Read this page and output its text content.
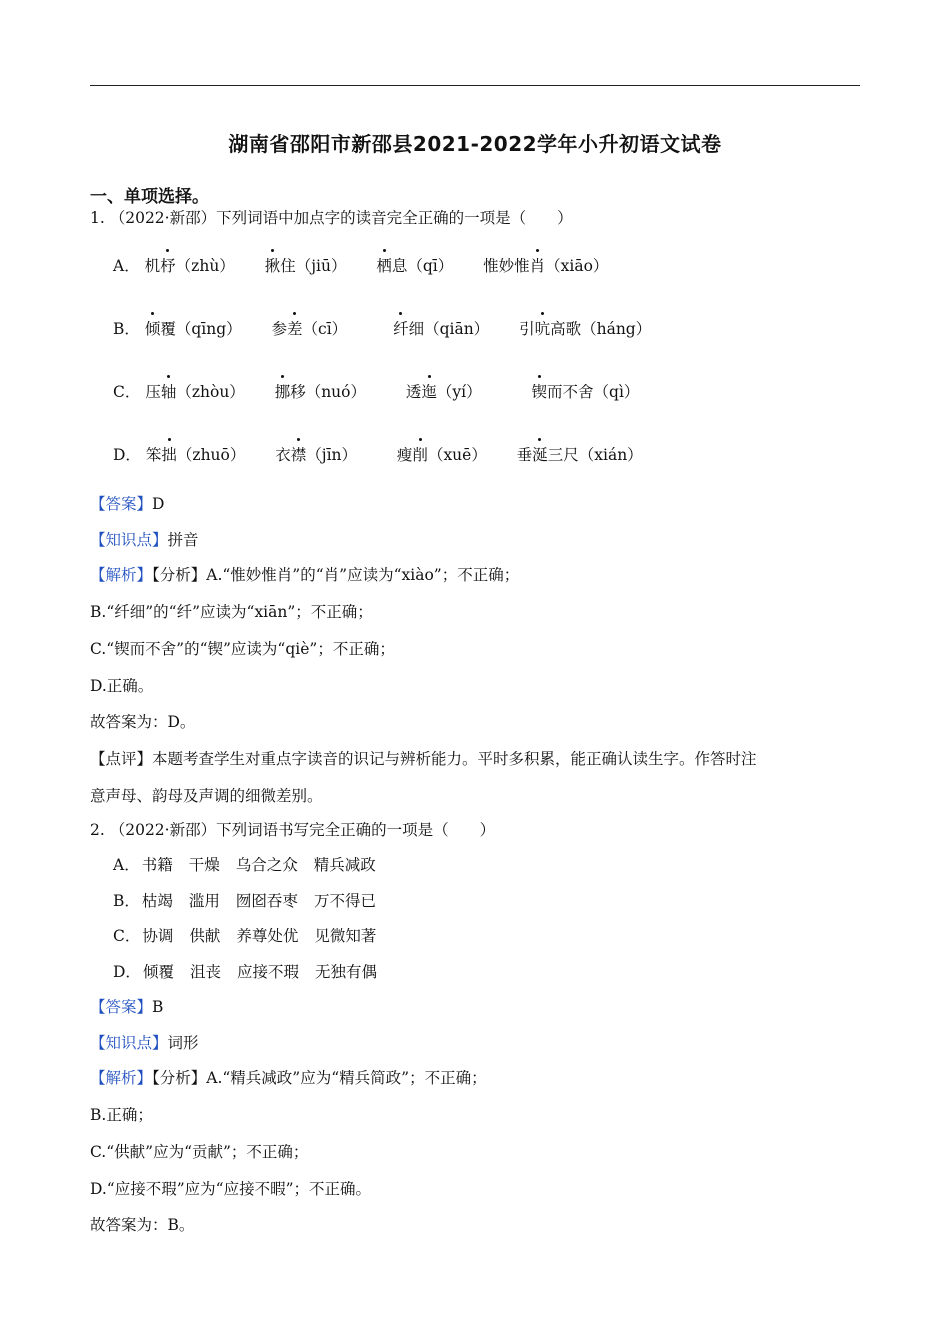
湖南省邵阳市新邵县2021-2022学年小升初语文试卷
一、单项选择。
1. （2022·新邵）下列词语中加点字的读音完全正确的一项是（　　）
A． 机杼（zhù） 揪住（jiū） 栖息（qī） 惟妙惟肖（xiāo）
B． 倾覆（qīng） 参差（cī）	纤细（qiān） 引吭高歌（háng）
C． 压轴（zhòu） 挪移（nuó）	透迤（yí）	锲而不舍（qì）
D． 笨拙（zhuō） 衣襟（jīn）	瘦削（xuē） 垂涎三尺（xián）
【答案】D
【知识点】拼音
【解析】【分析】A.“惟妙惟肖”的“肖”应读为“xiào”；不正确；
B.“纤细”的“纤”应读为“xiān”；不正确；
C.“锲而不舍”的“锲”应读为“qiè”；不正确；
D.正确。
故答案为：D。
【点评】本题考查学生对重点字读音的识记与辨析能力。平时多积累，能正确认读生字。作答时注
意声母、韵母及声调的细微差别。
2. （2022·新邵）下列词语书写完全正确的一项是（　　）
A． 书籍 干燥 乌合之众 精兵减政
B． 枯竭 滥用 囫囵吞枣 万不得已
C． 协调 供献 养尊处优 见微知著
D． 倾覆 沮丧 应接不瑕 无独有偶
【答案】B
【知识点】词形
【解析】【分析】A.“精兵减政”应为“精兵简政”；不正确；
B.正确；
C.“供献”应为“贡献”；不正确；
D.“应接不瑕”应为“应接不暇”；不正确。
故答案为：B。
